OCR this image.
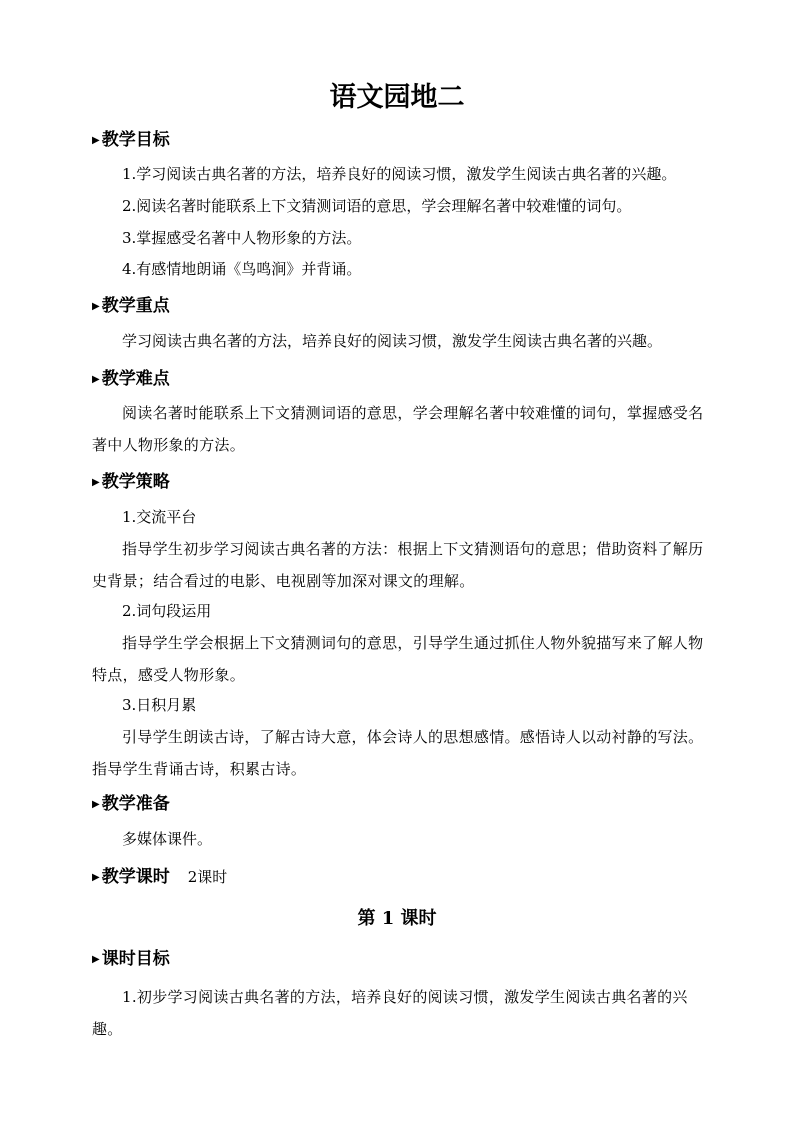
语文园地二
▶ 教学目标
1.学习阅读古典名著的方法，培养良好的阅读习惯，激发学生阅读古典名著的兴趣。
2.阅读名著时能联系上下文猜测词语的意思，学会理解名著中较难懂的词句。
3.掌握感受名著中人物形象的方法。
4.有感情地朗诵《鸟鸣涧》并背诵。
▶ 教学重点
学习阅读古典名著的方法，培养良好的阅读习惯，激发学生阅读古典名著的兴趣。
▶ 教学难点
阅读名著时能联系上下文猜测词语的意思，学会理解名著中较难懂的词句，掌握感受名著中人物形象的方法。
▶ 教学策略
1.交流平台
指导学生初步学习阅读古典名著的方法：根据上下文猜测语句的意思；借助资料了解历史背景；结合看过的电影、电视剧等加深对课文的理解。
2.词句段运用
指导学生学会根据上下文猜测词句的意思，引导学生通过抓住人物外貌描写来了解人物特点，感受人物形象。
3.日积月累
引导学生朗读古诗，了解古诗大意，体会诗人的思想感情。感悟诗人以动衬静的写法。指导学生背诵古诗，积累古诗。
▶ 教学准备
多媒体课件。
▶ 教学课时 2课时
第 1 课时
▶ 课时目标
1.初步学习阅读古典名著的方法，培养良好的阅读习惯，激发学生阅读古典名著的兴趣。
